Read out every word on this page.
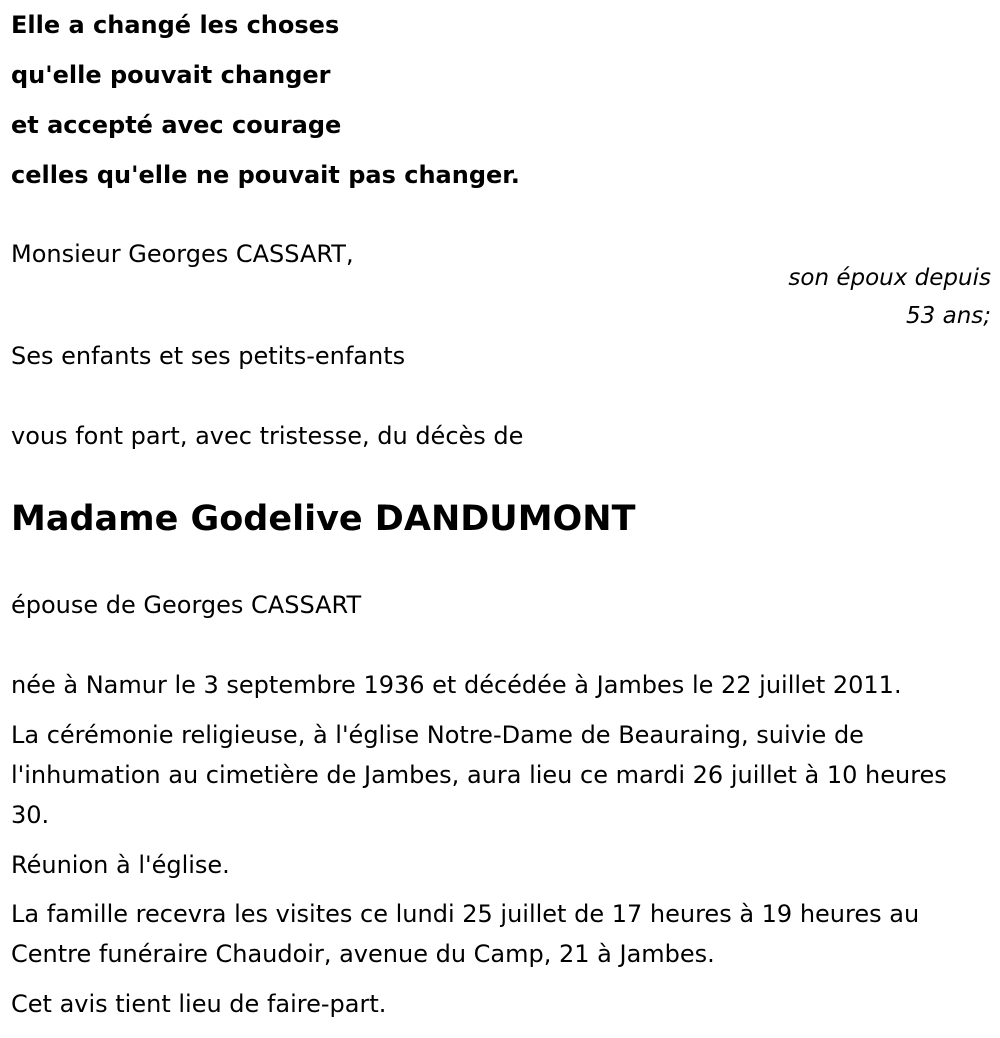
Elle a changé les choses
qu'elle pouvait changer
et accepté avec courage
celles qu'elle ne pouvait pas changer.
Monsieur Georges CASSART,
son époux depuis
53 ans;
Ses enfants et ses petits-enfants
vous font part, avec tristesse, du décès de
Madame Godelive DANDUMONT
épouse de Georges CASSART

née à Namur le 3 septembre 1936 et décédée à Jambes le 22 juillet 2011.

La cérémonie religieuse, à l'église Notre-Dame de Beauraing, suivie de l'inhumation au cimetière de Jambes, aura lieu ce mardi 26 juillet à 10 heures 30.

Réunion à l'église.

La famille recevra les visites ce lundi 25 juillet de 17 heures à 19 heures au Centre funéraire Chaudoir, avenue du Camp, 21 à Jambes.

Cet avis tient lieu de faire-part.
